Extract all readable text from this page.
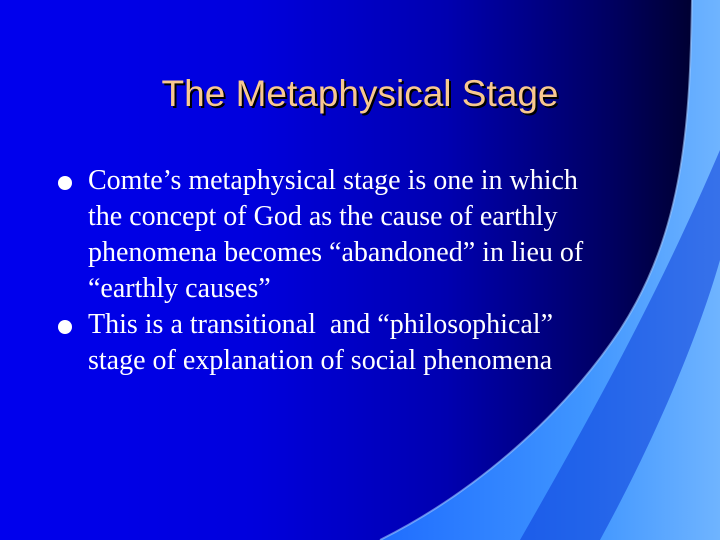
The Metaphysical Stage
Comte’s metaphysical stage is one in which
the concept of God as the cause of earthly
phenomena becomes “abandoned” in lieu of
“earthly causes”
This is a transitional  and “philosophical”
stage of explanation of social phenomena
